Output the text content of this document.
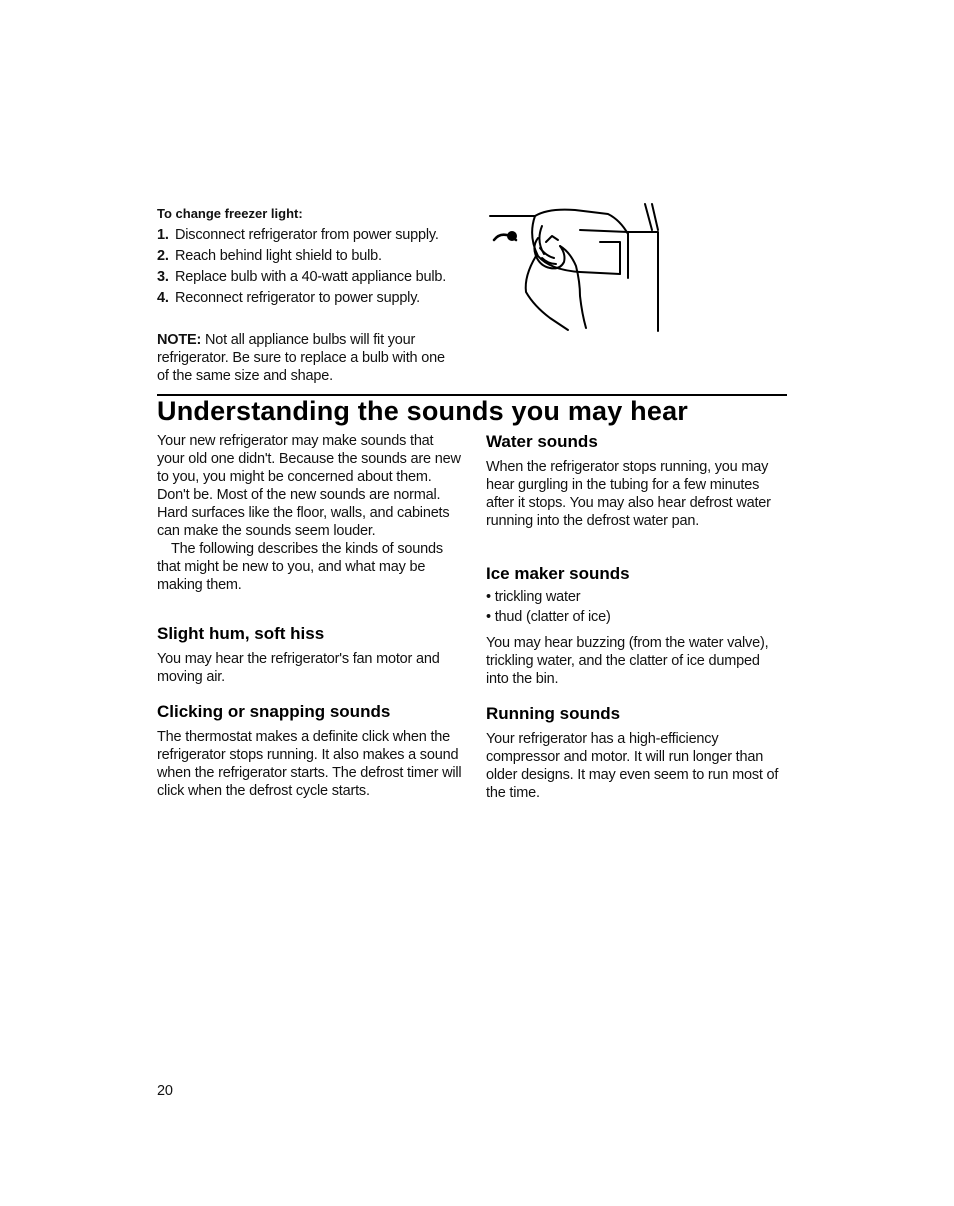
To change freezer light:
1. Disconnect refrigerator from power supply.
2. Reach behind light shield to bulb.
3. Replace bulb with a 40-watt appliance bulb.
4. Reconnect refrigerator to power supply.

NOTE: Not all appliance bulbs will fit your refrigerator. Be sure to replace a bulb with one of the same size and shape.

Understanding the sounds you may hear

Your new refrigerator may make sounds that your old one didn't. Because the sounds are new to you, you might be concerned about them. Don't be. Most of the new sounds are normal. Hard surfaces like the floor, walls, and cabinets can make the sounds seem louder.

The following describes the kinds of sounds that might be new to you, and what may be making them.

Slight hum, soft hiss

You may hear the refrigerator's fan motor and moving air.

Clicking or snapping sounds

The thermostat makes a definite click when the refrigerator stops running. It also makes a sound when the refrigerator starts. The defrost timer will click when the defrost cycle starts.

Water sounds

When the refrigerator stops running, you may hear gurgling in the tubing for a few minutes after it stops. You may also hear defrost water running into the defrost water pan.

Ice maker sounds
• trickling water
• thud (clatter of ice)

You may hear buzzing (from the water valve), trickling water, and the clatter of ice dumped into the bin.

Running sounds

Your refrigerator has a high-efficiency compressor and motor. It will run longer than older designs. It may even seem to run most of the time.

20
